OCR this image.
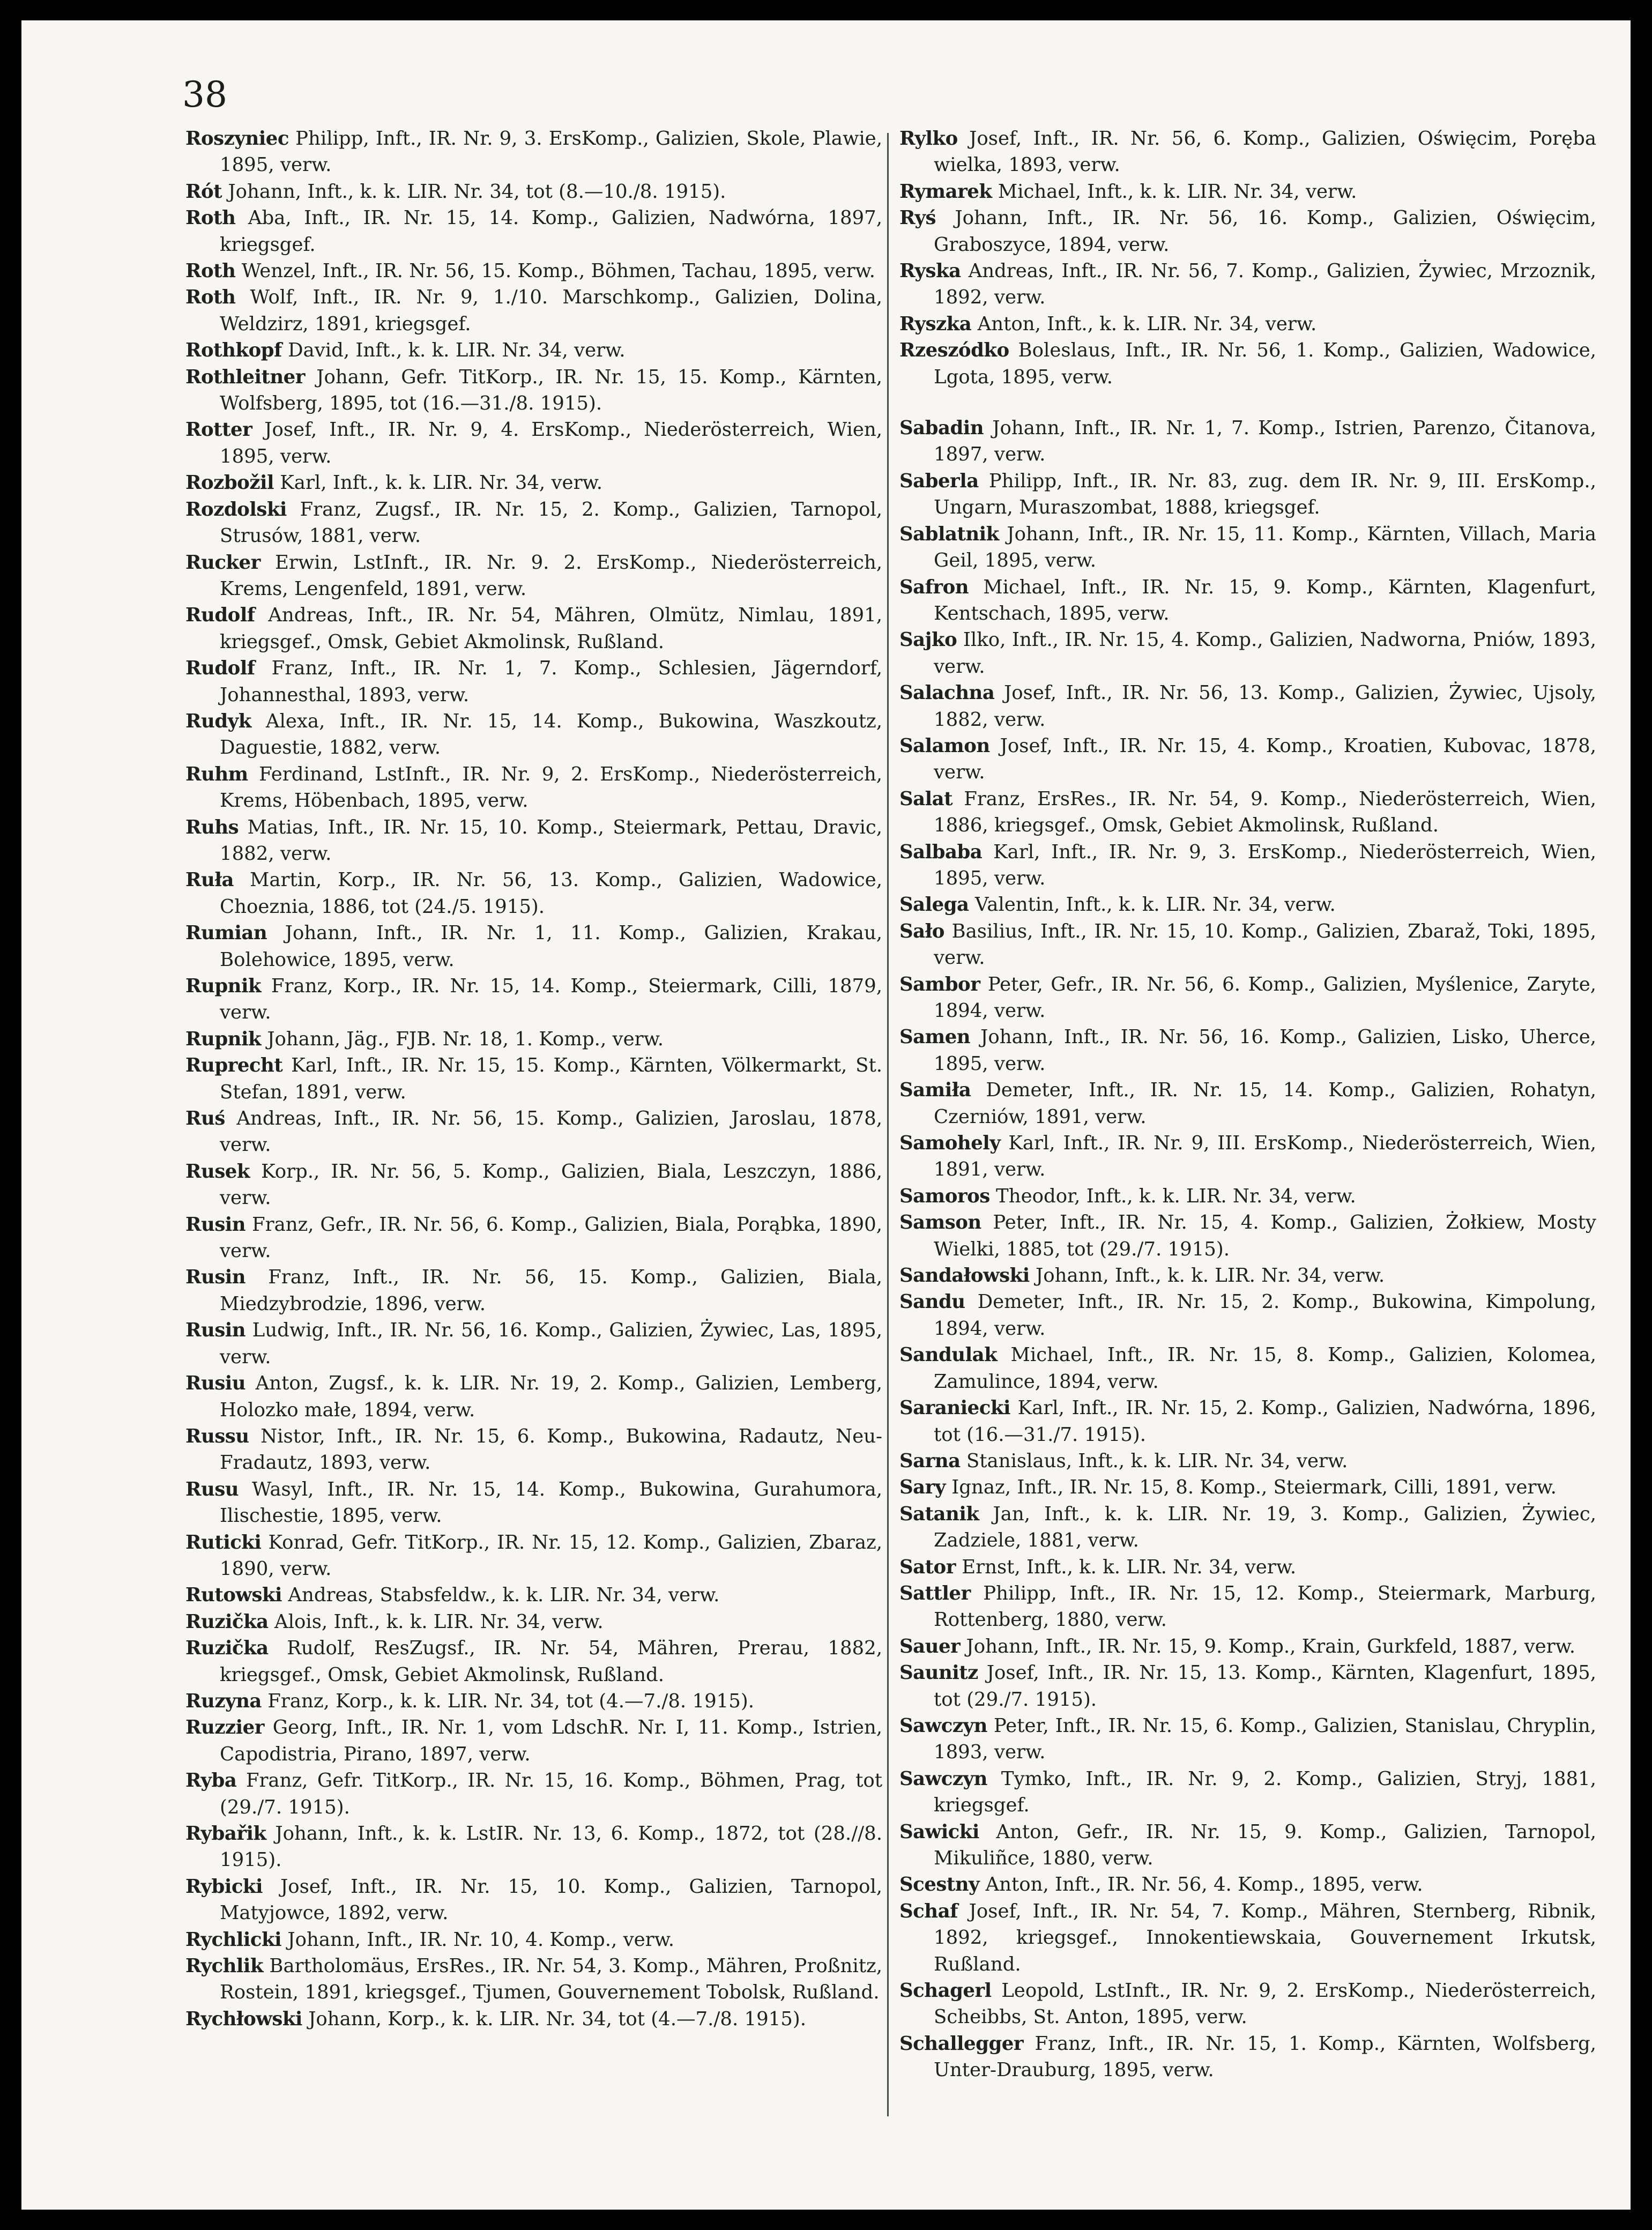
38

Roszyniec Philipp, Inft., IR. Nr. 9, 3. ErsKomp., Galizien, Skole, Plawie, 1895, verw.

Rót Johann, Inft., k. k. LIR. Nr. 34, tot (8.—10./8. 1915).

Roth Aba, Inft., IR. Nr. 15, 14. Komp., Galizien, Nadwórna, 1897, kriegsgef.

Roth Wenzel, Inft., IR. Nr. 56, 15. Komp., Böhmen, Tachau, 1895, verw.

Roth Wolf, Inft., IR. Nr. 9, 1./10. Marschkomp., Galizien, Dolina, Weldzirz, 1891, kriegsgef.

Rothkopf David, Inft., k. k. LIR. Nr. 34, verw.

Rothleitner Johann, Gefr. TitKorp., IR. Nr. 15, 15. Komp., Kärnten, Wolfsberg, 1895, tot (16.—31./8. 1915).

Rotter Josef, Inft., IR. Nr. 9, 4. ErsKomp., Niederösterreich, Wien, 1895, verw.

Rozbožil Karl, Inft., k. k. LIR. Nr. 34, verw.

Rozdolski Franz, Zugsf., IR. Nr. 15, 2. Komp., Galizien, Tarnopol, Strusów, 1881, verw.

Rucker Erwin, LstInft., IR. Nr. 9. 2. ErsKomp., Niederösterreich, Krems, Lengenfeld, 1891, verw.

Rudolf Andreas, Inft., IR. Nr. 54, Mähren, Olmütz, Nimlau, 1891, kriegsgef., Omsk, Gebiet Akmolinsk, Rußland.

Rudolf Franz, Inft., IR. Nr. 1, 7. Komp., Schlesien, Jägerndorf, Johannesthal, 1893, verw.

Rudyk Alexa, Inft., IR. Nr. 15, 14. Komp., Bukowina, Waszkoutz, Daguestie, 1882, verw.

Ruhm Ferdinand, LstInft., IR. Nr. 9, 2. ErsKomp., Niederösterreich, Krems, Höbenbach, 1895, verw.

Ruhs Matias, Inft., IR. Nr. 15, 10. Komp., Steiermark, Pettau, Dravic, 1882, verw.

Ruła Martin, Korp., IR. Nr. 56, 13. Komp., Galizien, Wadowice, Choeznia, 1886, tot (24./5. 1915).

Rumian Johann, Inft., IR. Nr. 1, 11. Komp., Galizien, Krakau, Bolehowice, 1895, verw.

Rupnik Franz, Korp., IR. Nr. 15, 14. Komp., Steiermark, Cilli, 1879, verw.

Rupnik Johann, Jäg., FJB. Nr. 18, 1. Komp., verw.

Ruprecht Karl, Inft., IR. Nr. 15, 15. Komp., Kärnten, Völkermarkt, St. Stefan, 1891, verw.

Ruś Andreas, Inft., IR. Nr. 56, 15. Komp., Galizien, Jaroslau, 1878, verw.

Rusek Korp., IR. Nr. 56, 5. Komp., Galizien, Biala, Leszczyn, 1886, verw.

Rusin Franz, Gefr., IR. Nr. 56, 6. Komp., Galizien, Biala, Porąbka, 1890, verw.

Rusin Franz, Inft., IR. Nr. 56, 15. Komp., Galizien, Biala, Miedzybrodzie, 1896, verw.

Rusin Ludwig, Inft., IR. Nr. 56, 16. Komp., Galizien, Żywiec, Las, 1895, verw.

Rusiu Anton, Zugsf., k. k. LIR. Nr. 19, 2. Komp., Galizien, Lemberg, Holozko małe, 1894, verw.

Russu Nistor, Inft., IR. Nr. 15, 6. Komp., Bukowina, Radautz, Neu-Fradautz, 1893, verw.

Rusu Wasyl, Inft., IR. Nr. 15, 14. Komp., Bukowina, Gurahumora, Ilischestie, 1895, verw.

Ruticki Konrad, Gefr. TitKorp., IR. Nr. 15, 12. Komp., Galizien, Zbaraz, 1890, verw.

Rutowski Andreas, Stabsfeldw., k. k. LIR. Nr. 34, verw.

Ruzička Alois, Inft., k. k. LIR. Nr. 34, verw.

Ruzička Rudolf, ResZugsf., IR. Nr. 54, Mähren, Prerau, 1882, kriegsgef., Omsk, Gebiet Akmolinsk, Rußland.

Ruzyna Franz, Korp., k. k. LIR. Nr. 34, tot (4.—7./8. 1915).

Ruzzier Georg, Inft., IR. Nr. 1, vom LdschR. Nr. I, 11. Komp., Istrien, Capodistria, Pirano, 1897, verw.

Ryba Franz, Gefr. TitKorp., IR. Nr. 15, 16. Komp., Böhmen, Prag, tot (29./7. 1915).

Rybařik Johann, Inft., k. k. LstIR. Nr. 13, 6. Komp., 1872, tot (28.//8. 1915).

Rybicki Josef, Inft., IR. Nr. 15, 10. Komp., Galizien, Tarnopol, Matyjowce, 1892, verw.

Rychlicki Johann, Inft., IR. Nr. 10, 4. Komp., verw.

Rychlik Bartholomäus, ErsRes., IR. Nr. 54, 3. Komp., Mähren, Proßnitz, Rostein, 1891, kriegsgef., Tjumen, Gouvernement Tobolsk, Rußland.

Rychłowski Johann, Korp., k. k. LIR. Nr. 34, tot (4.—7./8. 1915).

Rylko Josef, Inft., IR. Nr. 56, 6. Komp., Galizien, Oświęcim, Poręba wielka, 1893, verw.

Rymarek Michael, Inft., k. k. LIR. Nr. 34, verw.

Ryś Johann, Inft., IR. Nr. 56, 16. Komp., Galizien, Oświęcim, Graboszyce, 1894, verw.

Ryska Andreas, Inft., IR. Nr. 56, 7. Komp., Galizien, Żywiec, Mrzoznik, 1892, verw.

Ryszka Anton, Inft., k. k. LIR. Nr. 34, verw.

Rzeszódko Boleslaus, Inft., IR. Nr. 56, 1. Komp., Galizien, Wadowice, Lgota, 1895, verw.

Sabadin Johann, Inft., IR. Nr. 1, 7. Komp., Istrien, Parenzo, Čitanova, 1897, verw.

Saberla Philipp, Inft., IR. Nr. 83, zug. dem IR. Nr. 9, III. ErsKomp., Ungarn, Muraszombat, 1888, kriegsgef.

Sablatnik Johann, Inft., IR. Nr. 15, 11. Komp., Kärnten, Villach, Maria Geil, 1895, verw.

Safron Michael, Inft., IR. Nr. 15, 9. Komp., Kärnten, Klagenfurt, Kentschach, 1895, verw.

Sajko Ilko, Inft., IR. Nr. 15, 4. Komp., Galizien, Nadworna, Pniów, 1893, verw.

Salachna Josef, Inft., IR. Nr. 56, 13. Komp., Galizien, Żywiec, Ujsoly, 1882, verw.

Salamon Josef, Inft., IR. Nr. 15, 4. Komp., Kroatien, Kubovac, 1878, verw.

Salat Franz, ErsRes., IR. Nr. 54, 9. Komp., Niederösterreich, Wien, 1886, kriegsgef., Omsk, Gebiet Akmolinsk, Rußland.

Salbaba Karl, Inft., IR. Nr. 9, 3. ErsKomp., Niederösterreich, Wien, 1895, verw.

Salega Valentin, Inft., k. k. LIR. Nr. 34, verw.

Sało Basilius, Inft., IR. Nr. 15, 10. Komp., Galizien, Zbaraž, Toki, 1895, verw.

Sambor Peter, Gefr., IR. Nr. 56, 6. Komp., Galizien, Myślenice, Zaryte, 1894, verw.

Samen Johann, Inft., IR. Nr. 56, 16. Komp., Galizien, Lisko, Uherce, 1895, verw.

Samiła Demeter, Inft., IR. Nr. 15, 14. Komp., Galizien, Rohatyn, Czerniów, 1891, verw.

Samohely Karl, Inft., IR. Nr. 9, III. ErsKomp., Niederösterreich, Wien, 1891, verw.

Samoros Theodor, Inft., k. k. LIR. Nr. 34, verw.

Samson Peter, Inft., IR. Nr. 15, 4. Komp., Galizien, Żołkiew, Mosty Wielki, 1885, tot (29./7. 1915).

Sandałowski Johann, Inft., k. k. LIR. Nr. 34, verw.

Sandu Demeter, Inft., IR. Nr. 15, 2. Komp., Bukowina, Kimpolung, 1894, verw.

Sandulak Michael, Inft., IR. Nr. 15, 8. Komp., Galizien, Kolomea, Zamulince, 1894, verw.

Saraniecki Karl, Inft., IR. Nr. 15, 2. Komp., Galizien, Nadwórna, 1896, tot (16.—31./7. 1915).

Sarna Stanislaus, Inft., k. k. LIR. Nr. 34, verw.

Sary Ignaz, Inft., IR. Nr. 15, 8. Komp., Steiermark, Cilli, 1891, verw.

Satanik Jan, Inft., k. k. LIR. Nr. 19, 3. Komp., Galizien, Żywiec, Zadziele, 1881, verw.

Sator Ernst, Inft., k. k. LIR. Nr. 34, verw.

Sattler Philipp, Inft., IR. Nr. 15, 12. Komp., Steiermark, Marburg, Rottenberg, 1880, verw.

Sauer Johann, Inft., IR. Nr. 15, 9. Komp., Krain, Gurkfeld, 1887, verw.

Saunitz Josef, Inft., IR. Nr. 15, 13. Komp., Kärnten, Klagenfurt, 1895, tot (29./7. 1915).

Sawczyn Peter, Inft., IR. Nr. 15, 6. Komp., Galizien, Stanislau, Chryplin, 1893, verw.

Sawczyn Tymko, Inft., IR. Nr. 9, 2. Komp., Galizien, Stryj, 1881, kriegsgef.

Sawicki Anton, Gefr., IR. Nr. 15, 9. Komp., Galizien, Tarnopol, Mikuliñce, 1880, verw.

Scestny Anton, Inft., IR. Nr. 56, 4. Komp., 1895, verw.

Schaf Josef, Inft., IR. Nr. 54, 7. Komp., Mähren, Sternberg, Ribnik, 1892, kriegsgef., Innokentiewskaia, Gouvernement Irkutsk, Rußland.

Schagerl Leopold, LstInft., IR. Nr. 9, 2. ErsKomp., Niederösterreich, Scheibbs, St. Anton, 1895, verw.

Schallegger Franz, Inft., IR. Nr. 15, 1. Komp., Kärnten, Wolfsberg, Unter-Drauburg, 1895, verw.
